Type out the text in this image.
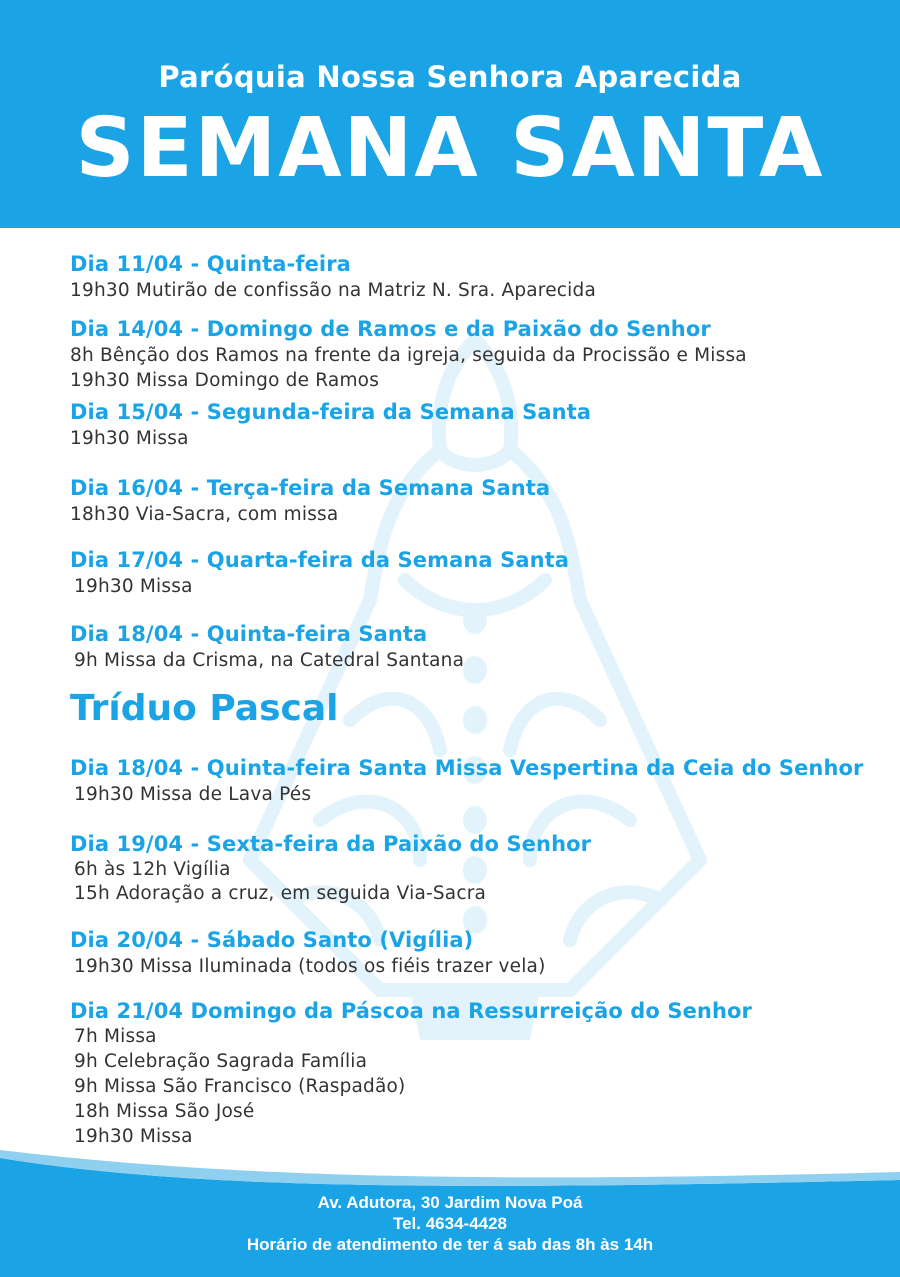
Paróquia Nossa Senhora Aparecida
SEMANA SANTA
Dia 11/04 - Quinta-feira
19h30 Mutirão de confissão na Matriz N. Sra. Aparecida
Dia 14/04 - Domingo de Ramos e da Paixão do Senhor
8h Bênção dos Ramos na frente da igreja, seguida da Procissão e Missa
19h30 Missa Domingo de Ramos
Dia 15/04 - Segunda-feira da Semana Santa
19h30 Missa
Dia 16/04 - Terça-feira da Semana Santa
18h30 Via-Sacra, com missa
Dia 17/04 - Quarta-feira da Semana Santa
19h30 Missa
Dia 18/04 - Quinta-feira Santa
9h Missa da Crisma, na Catedral Santana
Tríduo Pascal
Dia 18/04 - Quinta-feira Santa Missa Vespertina da Ceia do Senhor
19h30 Missa de Lava Pés
Dia 19/04 - Sexta-feira da Paixão do Senhor
6h às 12h Vigília
15h Adoração a cruz, em seguida Via-Sacra
Dia 20/04 - Sábado Santo (Vigília)
19h30 Missa Iluminada (todos os fiéis trazer vela)
Dia 21/04 Domingo da Páscoa na Ressurreição do Senhor
7h Missa
9h Celebração Sagrada Família
9h Missa São Francisco (Raspadão)
18h Missa São José
19h30 Missa
Av. Adutora, 30 Jardim Nova Poá
Tel. 4634-4428
Horário de atendimento de ter á sab das 8h às 14h
